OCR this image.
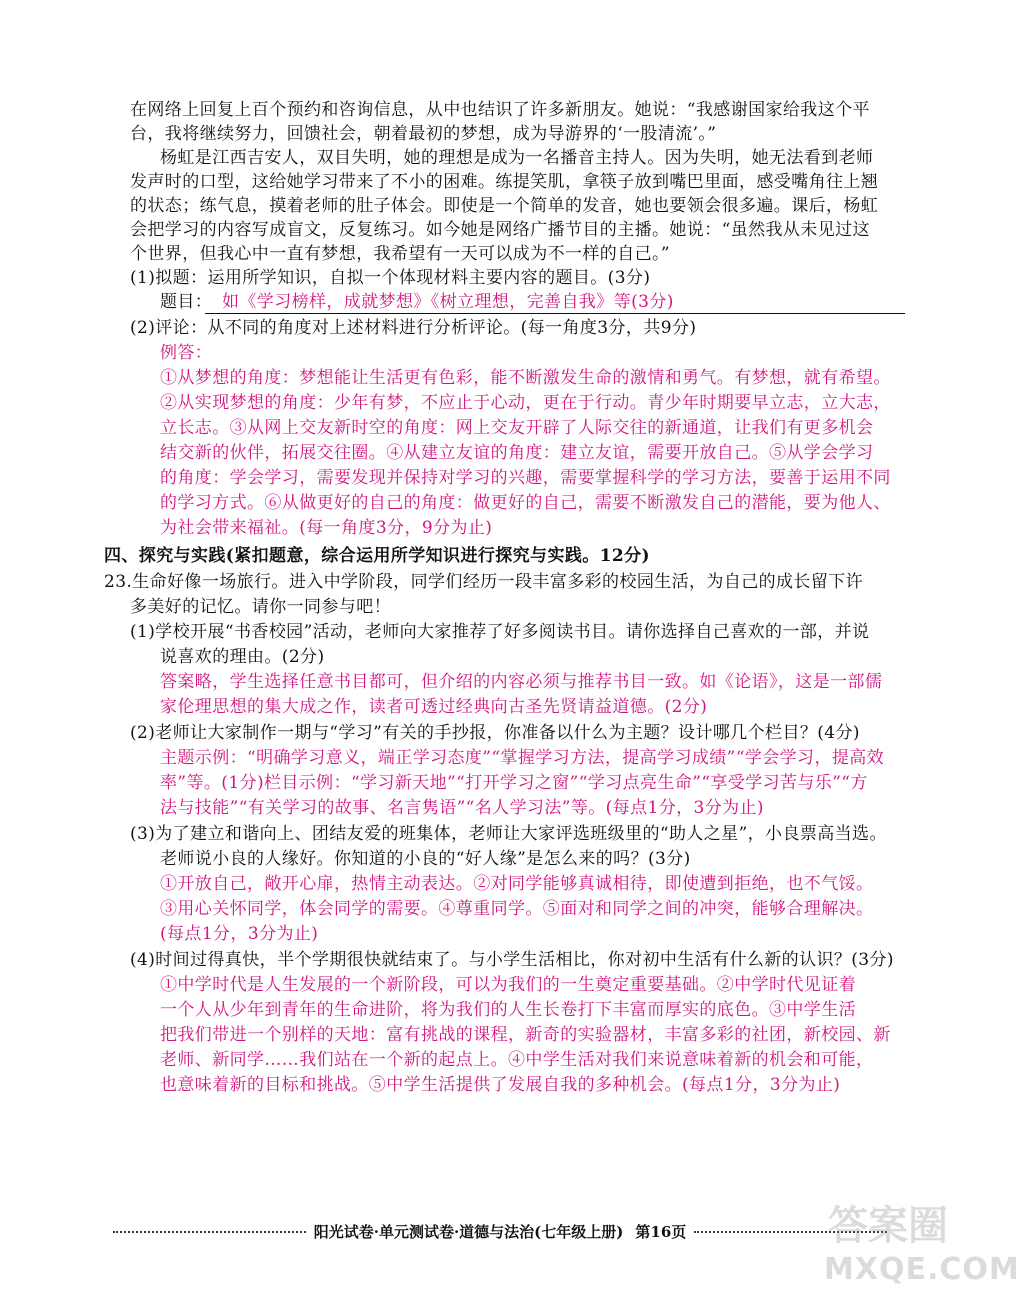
在网络上回复上百个预约和咨询信息，从中也结识了许多新朋友。她说：“我感谢国家给我这个平
台，我将继续努力，回馈社会，朝着最初的梦想，成为导游界的‘一股清流’。”
杨虹是江西吉安人，双目失明，她的理想是成为一名播音主持人。因为失明，她无法看到老师
发声时的口型，这给她学习带来了不小的困难。练提笑肌，拿筷子放到嘴巴里面，感受嘴角往上翘
的状态；练气息，摸着老师的肚子体会。即使是一个简单的发音，她也要领会很多遍。课后，杨虹
会把学习的内容写成盲文，反复练习。如今她是网络广播节目的主播。她说：“虽然我从未见过这
个世界，但我心中一直有梦想，我希望有一天可以成为不一样的自己。”
(1)拟题：运用所学知识，自拟一个体现材料主要内容的题目。(3分)
题目： 如《学习榜样，成就梦想》《树立理想，完善自我》等(3分)
(2)评论：从不同的角度对上述材料进行分析评论。(每一角度3分，共9分)
例答：
①从梦想的角度：梦想能让生活更有色彩，能不断激发生命的激情和勇气。有梦想，就有希望。
②从实现梦想的角度：少年有梦，不应止于心动，更在于行动。青少年时期要早立志，立大志，
立长志。③从网上交友新时空的角度：网上交友开辟了人际交往的新通道，让我们有更多机会
结交新的伙伴，拓展交往圈。④从建立友谊的角度：建立友谊，需要开放自己。⑤从学会学习
的角度：学会学习，需要发现并保持对学习的兴趣，需要掌握科学的学习方法，要善于运用不同
的学习方式。⑥从做更好的自己的角度：做更好的自己，需要不断激发自己的潜能，要为他人、
为社会带来福祉。(每一角度3分，9分为止)
四、探究与实践(紧扣题意，综合运用所学知识进行探究与实践。12分)
23.生命好像一场旅行。进入中学阶段，同学们经历一段丰富多彩的校园生活，为自己的成长留下许
多美好的记忆。请你一同参与吧！
(1)学校开展“书香校园”活动，老师向大家推荐了好多阅读书目。请你选择自己喜欢的一部，并说
说喜欢的理由。(2分)
答案略，学生选择任意书目都可，但介绍的内容必须与推荐书目一致。如《论语》，这是一部儒
家伦理思想的集大成之作，读者可透过经典向古圣先贤请益道德。(2分)
(2)老师让大家制作一期与“学习”有关的手抄报，你准备以什么为主题？设计哪几个栏目？(4分)
主题示例：“明确学习意义，端正学习态度”“掌握学习方法，提高学习成绩”“学会学习，提高效
率”等。(1分)栏目示例：“学习新天地”“打开学习之窗”“学习点亮生命”“享受学习苦与乐”“方
法与技能”“有关学习的故事、名言隽语”“名人学习法”等。(每点1分，3分为止)
(3)为了建立和谐向上、团结友爱的班集体，老师让大家评选班级里的“助人之星”，小良票高当选。
老师说小良的人缘好。你知道的小良的“好人缘”是怎么来的吗？(3分)
①开放自己，敞开心扉，热情主动表达。②对同学能够真诚相待，即使遭到拒绝，也不气馁。
③用心关怀同学，体会同学的需要。④尊重同学。⑤面对和同学之间的冲突，能够合理解决。
(每点1分，3分为止)
(4)时间过得真快，半个学期很快就结束了。与小学生活相比，你对初中生活有什么新的认识？(3分)
①中学时代是人生发展的一个新阶段，可以为我们的一生奠定重要基础。②中学时代见证着
一个人从少年到青年的生命进阶，将为我们的人生长卷打下丰富而厚实的底色。③中学生活
把我们带进一个别样的天地：富有挑战的课程，新奇的实验器材，丰富多彩的社团，新校园、新
老师、新同学……我们站在一个新的起点上。④中学生活对我们来说意味着新的机会和可能，
也意味着新的目标和挑战。⑤中学生活提供了发展自我的多种机会。(每点1分，3分为止)
阳光试卷·单元测试卷·道德与法治(七年级上册) 第16页	答案圈
MXQE.COM
